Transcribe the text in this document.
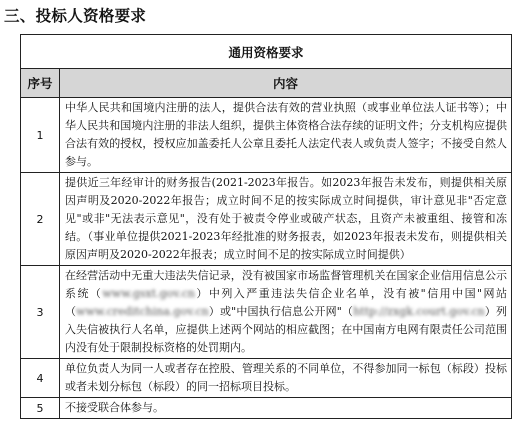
三、投标人资格要求
通用资格要求	
序号	内容
1	中华人民共和国境内注册的法人，提供合法有效的营业执照（或事业单位法人证书等）；中华人民共和国境内注册的非法人组织，提供主体资格合法存续的证明文件；分支机构应提供合法有效的授权，授权应加盖委托人公章且委托人法定代表人或负责人签字；不接受自然人参与。
2	提供近三年经审计的财务报告(2021-2023年报告。如2023年报告未发布，则提供相关原因声明及2020-2022年报告；成立时间不足的按实际成立时间提供，审计意见非"否定意见"或非"无法表示意见"，没有处于被责令停业或破产状态，且资产未被重组、接管和冻结。（事业单位提供2021-2023年经批准的财务报表，如2023年报表未发布，则提供相关原因声明及2020-2022年报表；成立时间不足的按实际成立时间提供）
3	在经营活动中无重大违法失信记录，没有被国家市场监督管理机关在国家企业信用信息公示系统（www.gsxt.gov.cn）中列入严重违法失信企业名单，没有被"信用中国"网站（www.creditchina.gov.cn）或"中国执行信息公开网"（http://zxgk.court.gov.cn）列入失信被执行人名单，应提供上述两个网站的相应截图；在中国南方电网有限责任公司范围内没有处于限制投标资格的处罚期内。
4	单位负责人为同一人或者存在控股、管理关系的不同单位，不得参加同一标包（标段）投标或者未划分标包（标段）的同一招标项目投标。
5	不接受联合体参与。
